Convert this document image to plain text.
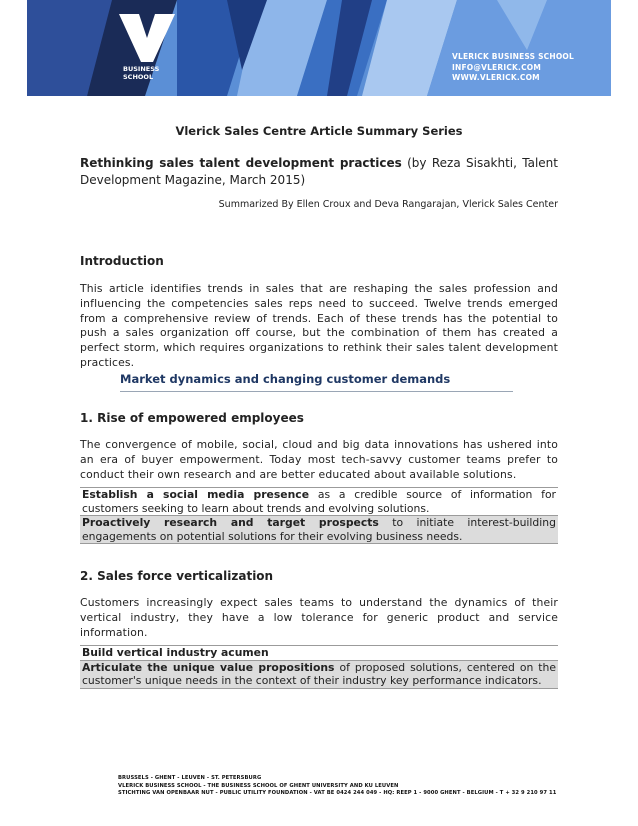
BUSINESS
SCHOOL
VLERICK BUSINESS SCHOOL
INFO@VLERICK.COM
WWW.VLERICK.COM
Vlerick Sales Centre Article Summary Series
Rethinking sales talent development practices (by Reza Sisakhti, Talent Development Magazine, March 2015)
Summarized By Ellen Croux and Deva Rangarajan, Vlerick Sales Center
Introduction
This article identifies trends in sales that are reshaping the sales profession and influencing the competencies sales reps need to succeed. Twelve trends emerged from a comprehensive review of trends. Each of these trends has the potential to push a sales organization off course, but the combination of them has created a perfect storm, which requires organizations to rethink their sales talent development practices.
Market dynamics and changing customer demands
1. Rise of empowered employees
The convergence of mobile, social, cloud and big data innovations has ushered into an era of buyer empowerment. Today most tech-savvy customer teams prefer to conduct their own research and are better educated about available solutions.
Establish a social media presence as a credible source of information for customers seeking to learn about trends and evolving solutions.
Proactively research and target prospects to initiate interest-building engagements on potential solutions for their evolving business needs.
2. Sales force verticalization
Customers increasingly expect sales teams to understand the dynamics of their vertical industry, they have a low tolerance for generic product and service information.
Build vertical industry acumen
Articulate the unique value propositions of proposed solutions, centered on the customer's unique needs in the context of their industry key performance indicators.
BRUSSELS - GHENT - LEUVEN - ST. PETERSBURG
VLERICK BUSINESS SCHOOL - THE BUSINESS SCHOOL OF GHENT UNIVERSITY AND KU LEUVEN
STICHTING VAN OPENBAAR NUT - PUBLIC UTILITY FOUNDATION - VAT BE 0424 244 049 - HQ: REEP 1 - 9000 GHENT - BELGIUM - T + 32 9 210 97 11
